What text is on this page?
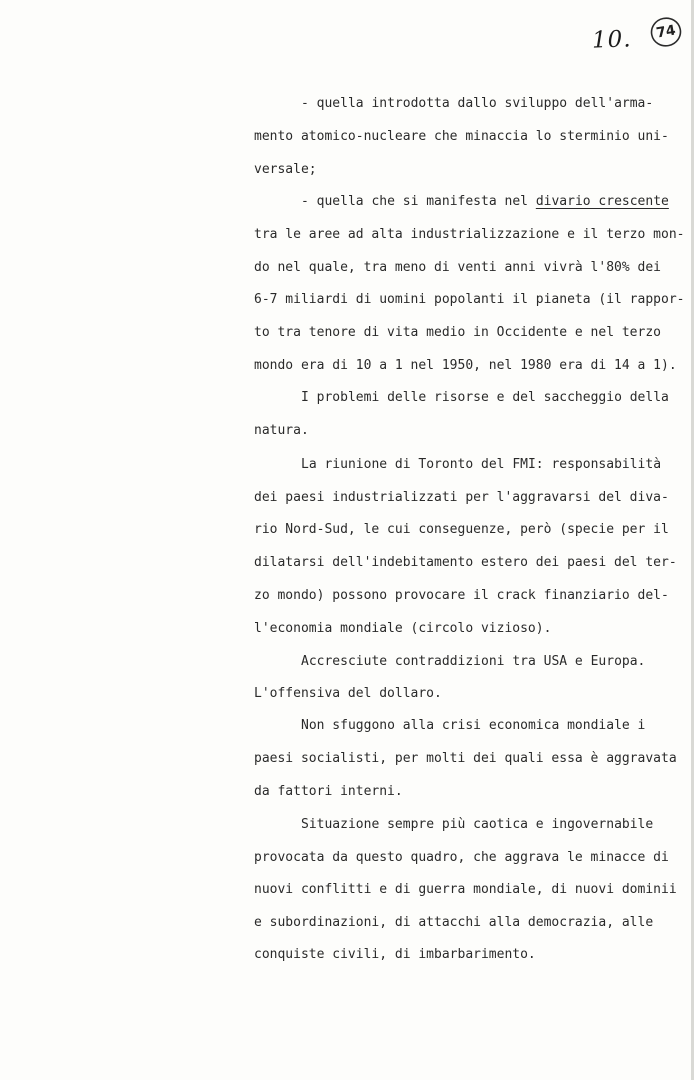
10.	74
- quella introdotta dallo sviluppo dell'arma-
mento atomico-nucleare che minaccia lo sterminio uni-
versale;
- quella che si manifesta nel divario crescente
tra le aree ad alta industrializzazione e il terzo mon-
do nel quale, tra meno di venti anni vivrà l'80% dei
6-7 miliardi di uomini popolanti il pianeta (il rappor-
to tra tenore di vita medio in Occidente e nel terzo
mondo era di 10 a 1 nel 1950, nel 1980 era di 14 a 1).
I problemi delle risorse e del saccheggio della
natura.
La riunione di Toronto del FMI: responsabilità
dei paesi industrializzati per l'aggravarsi del diva-
rio Nord-Sud, le cui conseguenze, però (specie per il
dilatarsi dell'indebitamento estero dei paesi del ter-
zo mondo) possono provocare il crack finanziario del-
l'economia mondiale (circolo vizioso).
Accresciute contraddizioni tra USA e Europa.
L'offensiva del dollaro.
Non sfuggono alla crisi economica mondiale i
paesi socialisti, per molti dei quali essa è aggravata
da fattori interni.
Situazione sempre più caotica e ingovernabile
provocata da questo quadro, che aggrava le minacce di
nuovi conflitti e di guerra mondiale, di nuovi dominii
e subordinazioni, di attacchi alla democrazia, alle
conquiste civili, di imbarbarimento.
